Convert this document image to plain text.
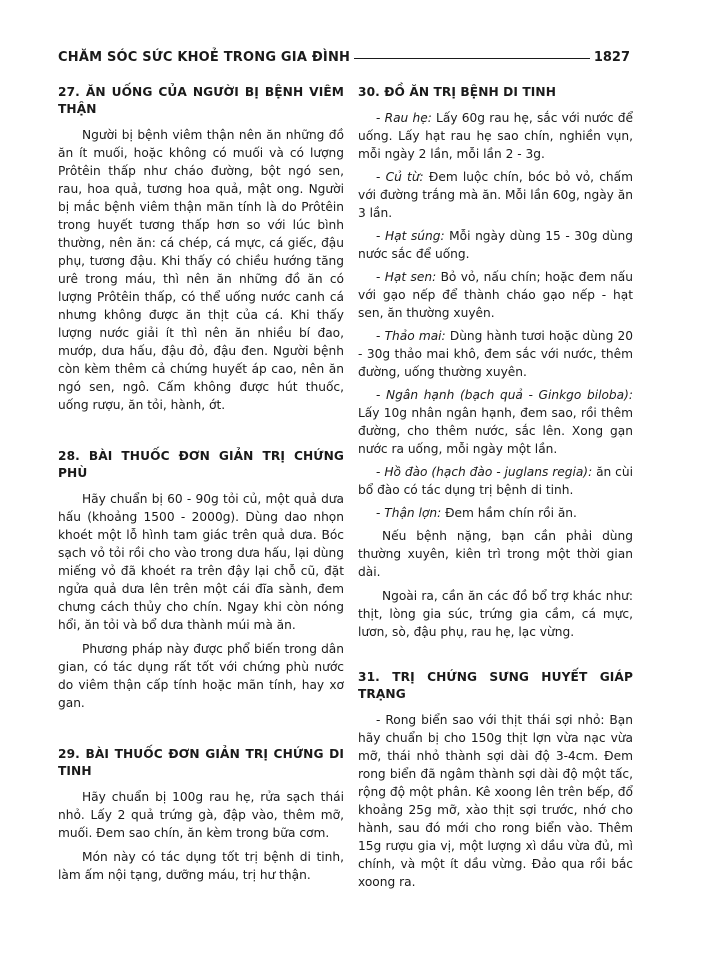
CHĂM SÓC SỨC KHOẺ TRONG GIA ĐÌNH	1827
27. ĂN UỐNG CỦA NGƯỜI BỊ BỆNH VIÊM THẬN

Người bị bệnh viêm thận nên ăn những đồ ăn ít muối, hoặc không có muối và có lượng Prôtêin thấp như cháo đường, bột ngó sen, rau, hoa quả, tương hoa quả, mật ong. Người bị mắc bệnh viêm thận mãn tính là do Prôtêin trong huyết tương thấp hơn so với lúc bình thường, nên ăn: cá chép, cá mực, cá giếc, đậu phụ, tương đậu. Khi thấy có chiều hướng tăng urê trong máu, thì nên ăn những đồ ăn có lượng Prôtêin thấp, có thể uống nước canh cá nhưng không được ăn thịt của cá. Khi thấy lượng nước giải ít thì nên ăn nhiều bí đao, mướp, dưa hấu, đậu đỏ, đậu đen. Người bệnh còn kèm thêm cả chứng huyết áp cao, nên ăn ngó sen, ngô. Cấm không được hút thuốc, uống rượu, ăn tỏi, hành, ớt.

28. BÀI THUỐC ĐƠN GIẢN TRỊ CHỨNG PHÙ

Hãy chuẩn bị 60 - 90g tỏi củ, một quả dưa hấu (khoảng 1500 - 2000g). Dùng dao nhọn khoét một lỗ hình tam giác trên quả dưa. Bóc sạch vỏ tỏi rồi cho vào trong dưa hấu, lại dùng miếng vỏ đã khoét ra trên đậy lại chỗ cũ, đặt ngửa quả dưa lên trên một cái đĩa sành, đem chưng cách thủy cho chín. Ngay khi còn nóng hổi, ăn tỏi và bổ dưa thành múi mà ăn.

Phương pháp này được phổ biến trong dân gian, có tác dụng rất tốt với chứng phù nước do viêm thận cấp tính hoặc mãn tính, hay xơ gan.

29. BÀI THUỐC ĐƠN GIẢN TRỊ CHỨNG DI TINH

Hãy chuẩn bị 100g rau hẹ, rửa sạch thái nhỏ. Lấy 2 quả trứng gà, đập vào, thêm mỡ, muối. Đem sao chín, ăn kèm trong bữa cơm.

Món này có tác dụng tốt trị bệnh di tinh, làm ấm nội tạng, dưỡng máu, trị hư thận.

30. ĐỒ ĂN TRỊ BỆNH DI TINH

- Rau hẹ: Lấy 60g rau hẹ, sắc với nước để uống. Lấy hạt rau hẹ sao chín, nghiền vụn, mỗi ngày 2 lần, mỗi lần 2 - 3g.

- Củ từ: Đem luộc chín, bóc bỏ vỏ, chấm với đường trắng mà ăn. Mỗi lần 60g, ngày ăn 3 lần.

- Hạt súng: Mỗi ngày dùng 15 - 30g dùng nước sắc để uống.

- Hạt sen: Bỏ vỏ, nấu chín; hoặc đem nấu với gạo nếp để thành cháo gạo nếp - hạt sen, ăn thường xuyên.

- Thảo mai: Dùng hành tươi hoặc dùng 20 - 30g thảo mai khô, đem sắc với nước, thêm đường, uống thường xuyên.

- Ngân hạnh (bạch quả - Ginkgo biloba): Lấy 10g nhân ngân hạnh, đem sao, rồi thêm đường, cho thêm nước, sắc lên. Xong gạn nước ra uống, mỗi ngày một lần.

- Hồ đào (hạch đào - juglans regia): ăn cùi bổ đào có tác dụng trị bệnh di tinh.

- Thận lợn: Đem hầm chín rồi ăn.

Nếu bệnh nặng, bạn cần phải dùng thường xuyên, kiên trì trong một thời gian dài.

Ngoài ra, cần ăn các đồ bổ trợ khác như: thịt, lòng gia súc, trứng gia cầm, cá mực, lươn, sò, đậu phụ, rau hẹ, lạc vừng.

31. TRỊ CHỨNG SƯNG HUYẾT GIÁP TRẠNG

- Rong biển sao với thịt thái sợi nhỏ: Bạn hãy chuẩn bị cho 150g thịt lợn vừa nạc vừa mỡ, thái nhỏ thành sợi dài độ 3-4cm. Đem rong biển đã ngâm thành sợi dài độ một tấc, rộng độ một phân. Kê xoong lên trên bếp, đổ khoảng 25g mỡ, xào thịt sợi trước, nhớ cho hành, sau đó mới cho rong biển vào. Thêm 15g rượu gia vị, một lượng xì dầu vừa đủ, mì chính, và một ít dầu vừng. Đảo qua rồi bắc xoong ra.
